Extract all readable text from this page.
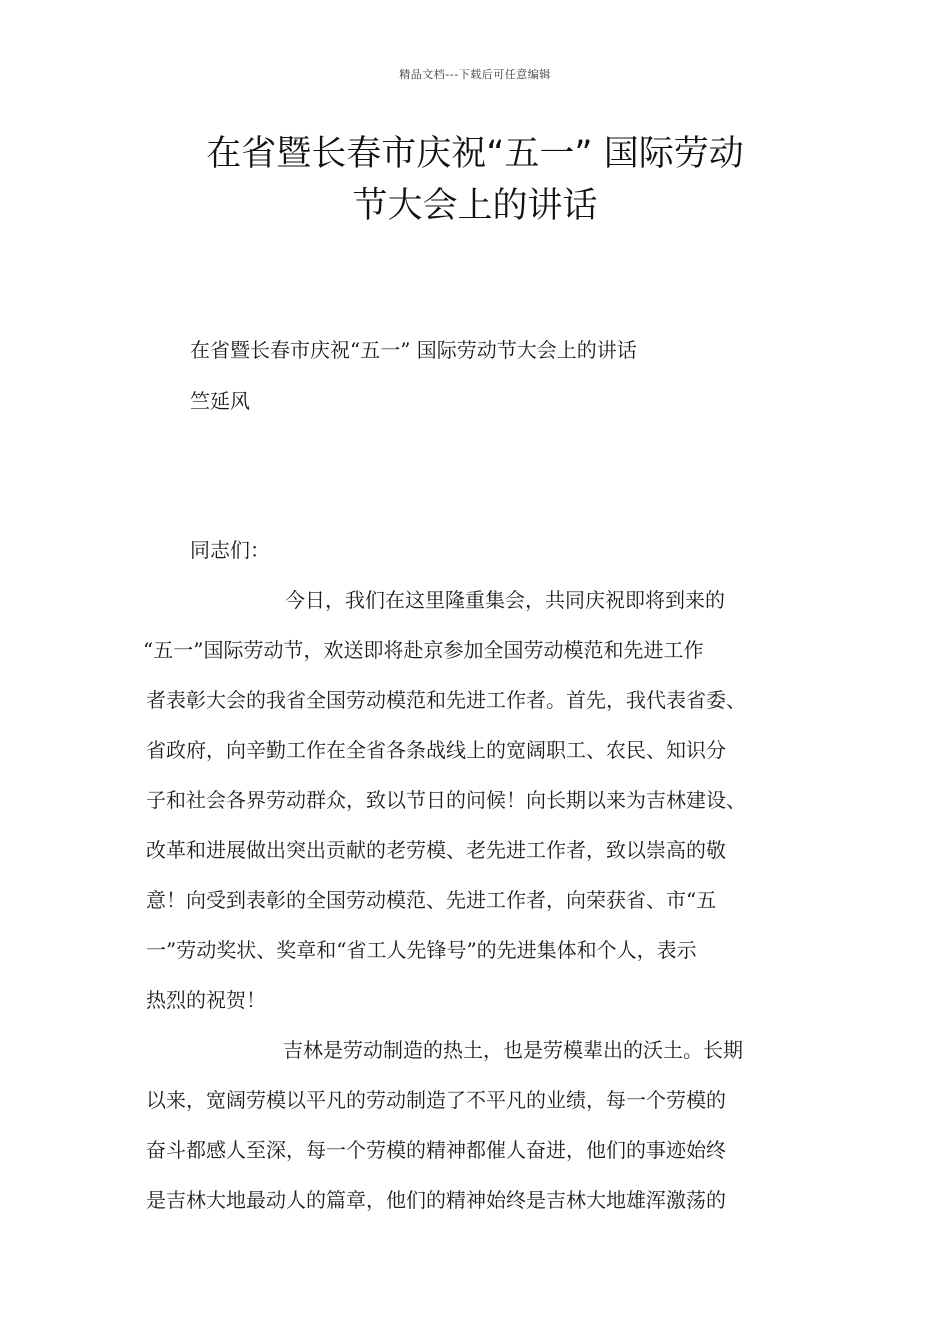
精品文档---下载后可任意编辑
在省暨长春市庆祝“五一” 国际劳动
节大会上的讲话
在省暨长春市庆祝“五一” 国际劳动节大会上的讲话
竺延风
同志们：
今日，我们在这里隆重集会，共同庆祝即将到来的
“五一”国际劳动节，欢送即将赴京参加全国劳动模范和先进工作
者表彰大会的我省全国劳动模范和先进工作者。首先，我代表省委、
省政府，向辛勤工作在全省各条战线上的宽阔职工、农民、知识分
子和社会各界劳动群众，致以节日的问候！向长期以来为吉林建设、
改革和进展做出突出贡献的老劳模、老先进工作者，致以崇高的敬
意！向受到表彰的全国劳动模范、先进工作者，向荣获省、市“五
一”劳动奖状、奖章和“省工人先锋号”的先进集体和个人，表示
热烈的祝贺！
吉林是劳动制造的热土，也是劳模辈出的沃土。长期
以来，宽阔劳模以平凡的劳动制造了不平凡的业绩，每一个劳模的
奋斗都感人至深，每一个劳模的精神都催人奋进，他们的事迹始终
是吉林大地最动人的篇章，他们的精神始终是吉林大地雄浑激荡的
